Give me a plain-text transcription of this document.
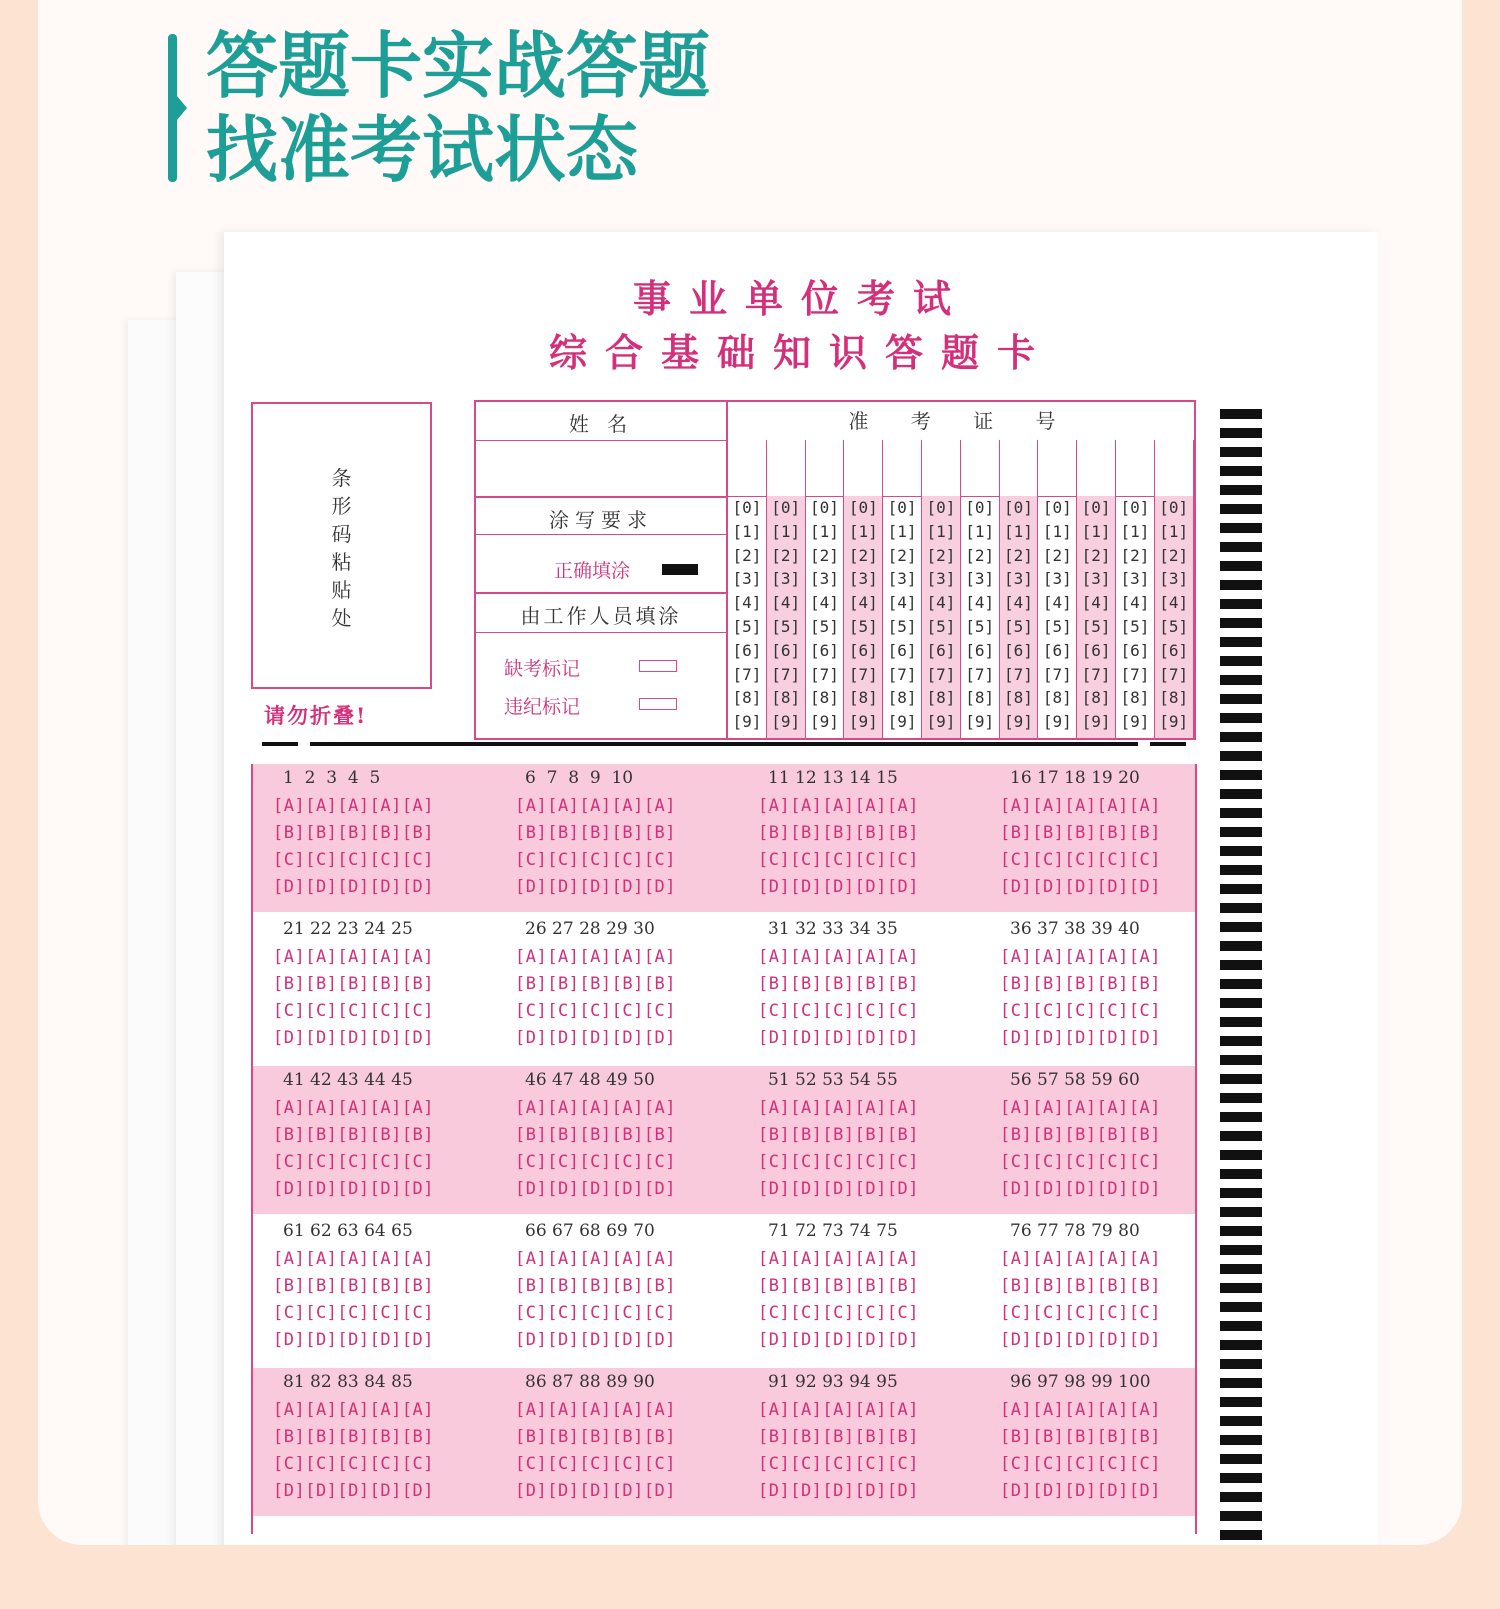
答题卡实战答题
找准考试状态
事业单位考试
综合基础知识答题卡
条
形
码
粘
贴
处
请勿折叠!
姓 名
涂写要求
正确填涂
由工作人员填涂
缺考标记
违纪标记
准 考 证 号
[0]
[1]
[2]
[3]
[4]
[5]
[6]
[7]
[8]
[9]
[0]
[1]
[2]
[3]
[4]
[5]
[6]
[7]
[8]
[9]
[0]
[1]
[2]
[3]
[4]
[5]
[6]
[7]
[8]
[9]
[0]
[1]
[2]
[3]
[4]
[5]
[6]
[7]
[8]
[9]
[0]
[1]
[2]
[3]
[4]
[5]
[6]
[7]
[8]
[9]
[0]
[1]
[2]
[3]
[4]
[5]
[6]
[7]
[8]
[9]
[0]
[1]
[2]
[3]
[4]
[5]
[6]
[7]
[8]
[9]
[0]
[1]
[2]
[3]
[4]
[5]
[6]
[7]
[8]
[9]
[0]
[1]
[2]
[3]
[4]
[5]
[6]
[7]
[8]
[9]
[0]
[1]
[2]
[3]
[4]
[5]
[6]
[7]
[8]
[9]
[0]
[1]
[2]
[3]
[4]
[5]
[6]
[7]
[8]
[9]
[0]
[1]
[2]
[3]
[4]
[5]
[6]
[7]
[8]
[9]
1  2  3  4  5
[A][A][A][A][A]
[B][B][B][B][B]
[C][C][C][C][C]
[D][D][D][D][D]
6  7  8  9  10
[A][A][A][A][A]
[B][B][B][B][B]
[C][C][C][C][C]
[D][D][D][D][D]
11 12 13 14 15
[A][A][A][A][A]
[B][B][B][B][B]
[C][C][C][C][C]
[D][D][D][D][D]
16 17 18 19 20
[A][A][A][A][A]
[B][B][B][B][B]
[C][C][C][C][C]
[D][D][D][D][D]
21 22 23 24 25
[A][A][A][A][A]
[B][B][B][B][B]
[C][C][C][C][C]
[D][D][D][D][D]
26 27 28 29 30
[A][A][A][A][A]
[B][B][B][B][B]
[C][C][C][C][C]
[D][D][D][D][D]
31 32 33 34 35
[A][A][A][A][A]
[B][B][B][B][B]
[C][C][C][C][C]
[D][D][D][D][D]
36 37 38 39 40
[A][A][A][A][A]
[B][B][B][B][B]
[C][C][C][C][C]
[D][D][D][D][D]
41 42 43 44 45
[A][A][A][A][A]
[B][B][B][B][B]
[C][C][C][C][C]
[D][D][D][D][D]
46 47 48 49 50
[A][A][A][A][A]
[B][B][B][B][B]
[C][C][C][C][C]
[D][D][D][D][D]
51 52 53 54 55
[A][A][A][A][A]
[B][B][B][B][B]
[C][C][C][C][C]
[D][D][D][D][D]
56 57 58 59 60
[A][A][A][A][A]
[B][B][B][B][B]
[C][C][C][C][C]
[D][D][D][D][D]
61 62 63 64 65
[A][A][A][A][A]
[B][B][B][B][B]
[C][C][C][C][C]
[D][D][D][D][D]
66 67 68 69 70
[A][A][A][A][A]
[B][B][B][B][B]
[C][C][C][C][C]
[D][D][D][D][D]
71 72 73 74 75
[A][A][A][A][A]
[B][B][B][B][B]
[C][C][C][C][C]
[D][D][D][D][D]
76 77 78 79 80
[A][A][A][A][A]
[B][B][B][B][B]
[C][C][C][C][C]
[D][D][D][D][D]
81 82 83 84 85
[A][A][A][A][A]
[B][B][B][B][B]
[C][C][C][C][C]
[D][D][D][D][D]
86 87 88 89 90
[A][A][A][A][A]
[B][B][B][B][B]
[C][C][C][C][C]
[D][D][D][D][D]
91 92 93 94 95
[A][A][A][A][A]
[B][B][B][B][B]
[C][C][C][C][C]
[D][D][D][D][D]
96 97 98 99 100
[A][A][A][A][A]
[B][B][B][B][B]
[C][C][C][C][C]
[D][D][D][D][D]
